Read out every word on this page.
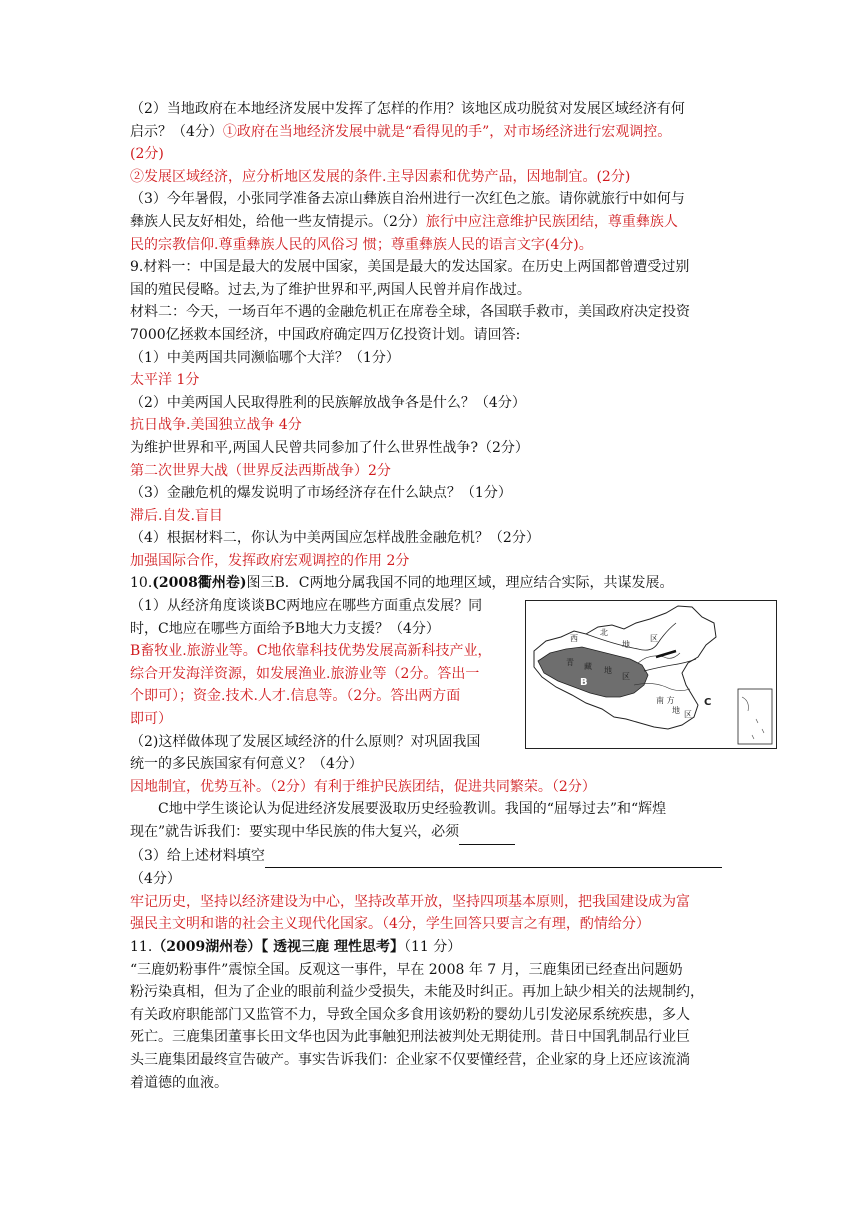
（2）当地政府在本地经济发展中发挥了怎样的作用？该地区成功脱贫对发展区域经济有何

启示？（4分）①政府在当地经济发展中就是“看得见的手”，对市场经济进行宏观调控。

(2分)

②发展区域经济，应分析地区发展的条件.主导因素和优势产品，因地制宜。(2分)

（3）今年暑假，小张同学准备去凉山彝族自治州进行一次红色之旅。请你就旅行中如何与

彝族人民友好相处，给他一些友情提示。（2分）旅行中应注意维护民族团结，尊重彝族人

民的宗教信仰.尊重彝族人民的风俗习 惯；尊重彝族人民的语言文字(4分)。

9.材料一：中国是最大的发展中国家，美国是最大的发达国家。在历史上两国都曾遭受过别

国的殖民侵略。过去,为了维护世界和平,两国人民曾并肩作战过。

材料二：今天，一场百年不遇的金融危机正在席卷全球，各国联手救市，美国政府决定投资

7000亿拯救本国经济，中国政府确定四万亿投资计划。请回答:

（1）中美两国共同濒临哪个大洋？（1分）

太平洋 1分

（2）中美两国人民取得胜利的民族解放战争各是什么？（4分）

抗日战争.美国独立战争 4分

为维护世界和平,两国人民曾共同参加了什么世界性战争?（2分）

第二次世界大战（世界反法西斯战争）2分

（3）金融危机的爆发说明了市场经济存在什么缺点？（1分）

滞后.自发.盲目

（4）根据材料二，你认为中美两国应怎样战胜金融危机？（2分）

加强国际合作，发挥政府宏观调控的作用 2分

10.(2008衢州卷)图三B．C两地分属我国不同的地理区域，理应结合实际，共谋发展。

（1）从经济角度谈谈BC两地应在哪些方面重点发展？同

时，C地应在哪些方面给予B地大力支援？（4分）

B畜牧业.旅游业等。C地依靠科技优势发展高新科技产业，

综合开发海洋资源，如发展渔业.旅游业等（2分。答出一

个即可）；资金.技术.人才.信息等。（2分。答出两方面

即可）

（2)这样做体现了发展区域经济的什么原则？对巩固我国

统一的多民族国家有何意义？（4分）

因地制宜，优势互补。（2分）有利于维护民族团结，促进共同繁荣。（2分）

C地中学生谈论认为促进经济发展要汲取历史经验教训。我国的“屈辱过去”和“辉煌

现在”就告诉我们：要实现中华民族的伟大复兴，必须

（3）给上述材料填空

（4分）

牢记历史，坚持以经济建设为中心，坚持改革开放，坚持四项基本原则，把我国建设成为富

强民主文明和谐的社会主义现代化国家。（4分，学生回答只要言之有理，酌情给分）

11.（2009湖州卷）【 透视三鹿 理性思考】（11 分）

“三鹿奶粉事件”震惊全国。反观这一事件，早在 2008 年 7 月，三鹿集团已经查出问题奶

粉污染真相，但为了企业的眼前利益少受损失，未能及时纠正。再加上缺少相关的法规制约，

有关政府职能部门又监管不力，导致全国众多食用该奶粉的婴幼儿引发泌尿系统疾患，多人

死亡。三鹿集团董事长田文华也因为此事触犯刑法被判处无期徒刑。昔日中国乳制品行业巨

头三鹿集团最终宣告破产。事实告诉我们：企业家不仅要懂经营，企业家的身上还应该流淌

着道德的血液。

西
北
地
区
青 藏 地
区
南 方
地 区
B
C
